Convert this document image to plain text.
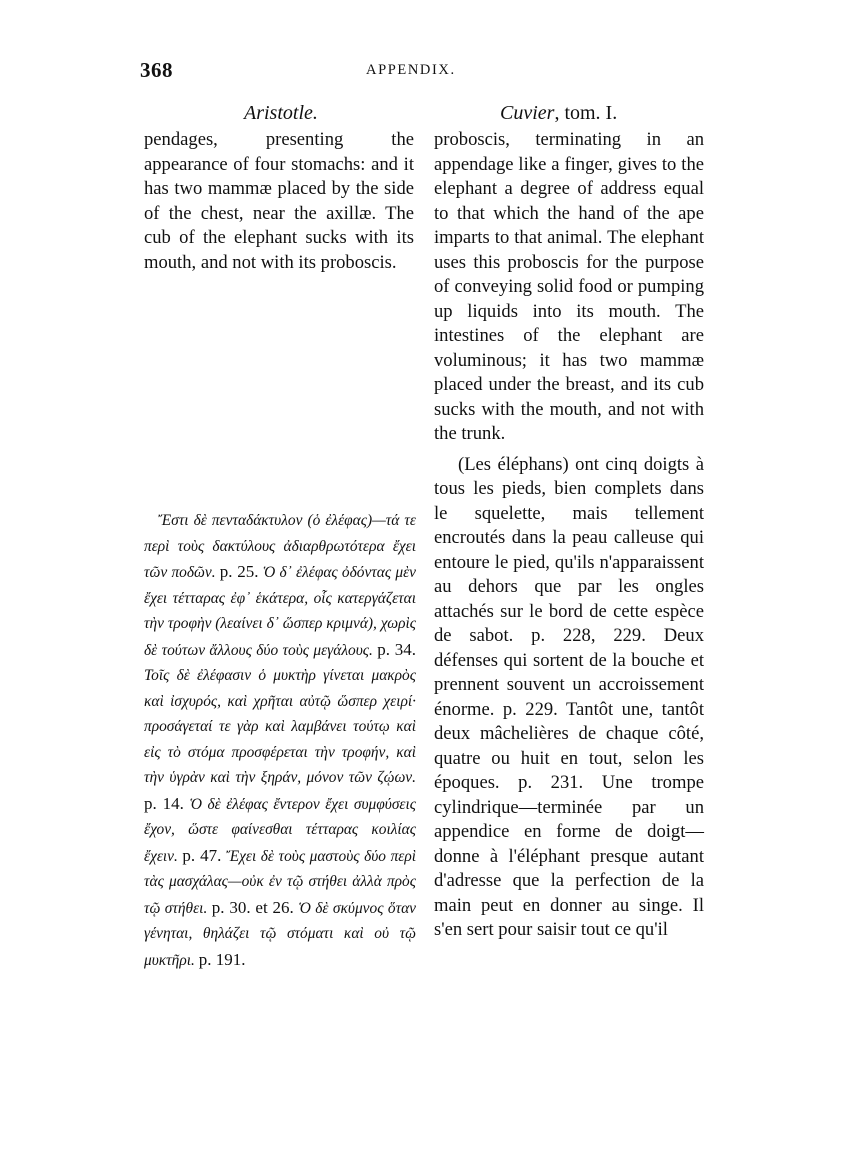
368	APPENDIX.
Aristotle.	Cuvier, tom. I.

pendages, presenting the appearance of four stomachs: and it has two mammæ placed by the side of the chest, near the axillæ. The cub of the elephant sucks with its mouth, and not with its proboscis.

Ἔστι δὲ πενταδάκτυλον (ὁ ἐλέφας)—τά τε περὶ τοὺς δακτύλους ἀδιαρθρωτότερα ἔχει τῶν ποδῶν. p. 25. Ὁ δ᾽ ἐλέφας ὀδόντας μὲν ἔχει τέτταρας ἐφ᾽ ἑκάτερα, οἷς κατεργάζεται τὴν τροφὴν (λεαίνει δ᾽ ὥσπερ κριμνά), χωρὶς δὲ τούτων ἄλλους δύο τοὺς μεγάλους. p. 34. Τοῖς δὲ ἐλέφασιν ὁ μυκτὴρ γίνεται μακρὸς καὶ ἰσχυρός, καὶ χρῆται αὐτῷ ὥσπερ χειρί· προσάγεταί τε γὰρ καὶ λαμβάνει τούτῳ καὶ εἰς τὸ στόμα προσφέρεται τὴν τροφήν, καὶ τὴν ὑγρὰν καὶ τὴν ξηράν, μόνον τῶν ζῴων. p. 14. Ὁ δὲ ἐλέφας ἔντερον ἔχει συμφύσεις ἔχον, ὥστε φαίνεσθαι τέτταρας κοιλίας ἔχειν. p. 47. Ἔχει δὲ τοὺς μαστοὺς δύο περὶ τὰς μασχάλας—οὐκ ἐν τῷ στήθει ἀλλὰ πρὸς τῷ στήθει. p. 30. et 26. Ὁ δὲ σκύμνος ὅταν γένηται, θηλάζει τῷ στόματι καὶ οὐ τῷ μυκτῆρι. p. 191.

proboscis, terminating in an appendage like a finger, gives to the elephant a degree of address equal to that which the hand of the ape imparts to that animal. The elephant uses this proboscis for the purpose of conveying solid food or pumping up liquids into its mouth. The intestines of the elephant are voluminous; it has two mammæ placed under the breast, and its cub sucks with the mouth, and not with the trunk.

(Les éléphans) ont cinq doigts à tous les pieds, bien complets dans le squelette, mais tellement encroutés dans la peau calleuse qui entoure le pied, qu'ils n'apparaissent au dehors que par les ongles attachés sur le bord de cette espèce de sabot. p. 228, 229. Deux défenses qui sortent de la bouche et prennent souvent un accroissement énorme. p. 229. Tantôt une, tantôt deux mâchelières de chaque côté, quatre ou huit en tout, selon les époques. p. 231. Une trompe cylindrique—terminée par un appendice en forme de doigt—donne à l'éléphant presque autant d'adresse que la perfection de la main peut en donner au singe. Il s'en sert pour saisir tout ce qu'il
